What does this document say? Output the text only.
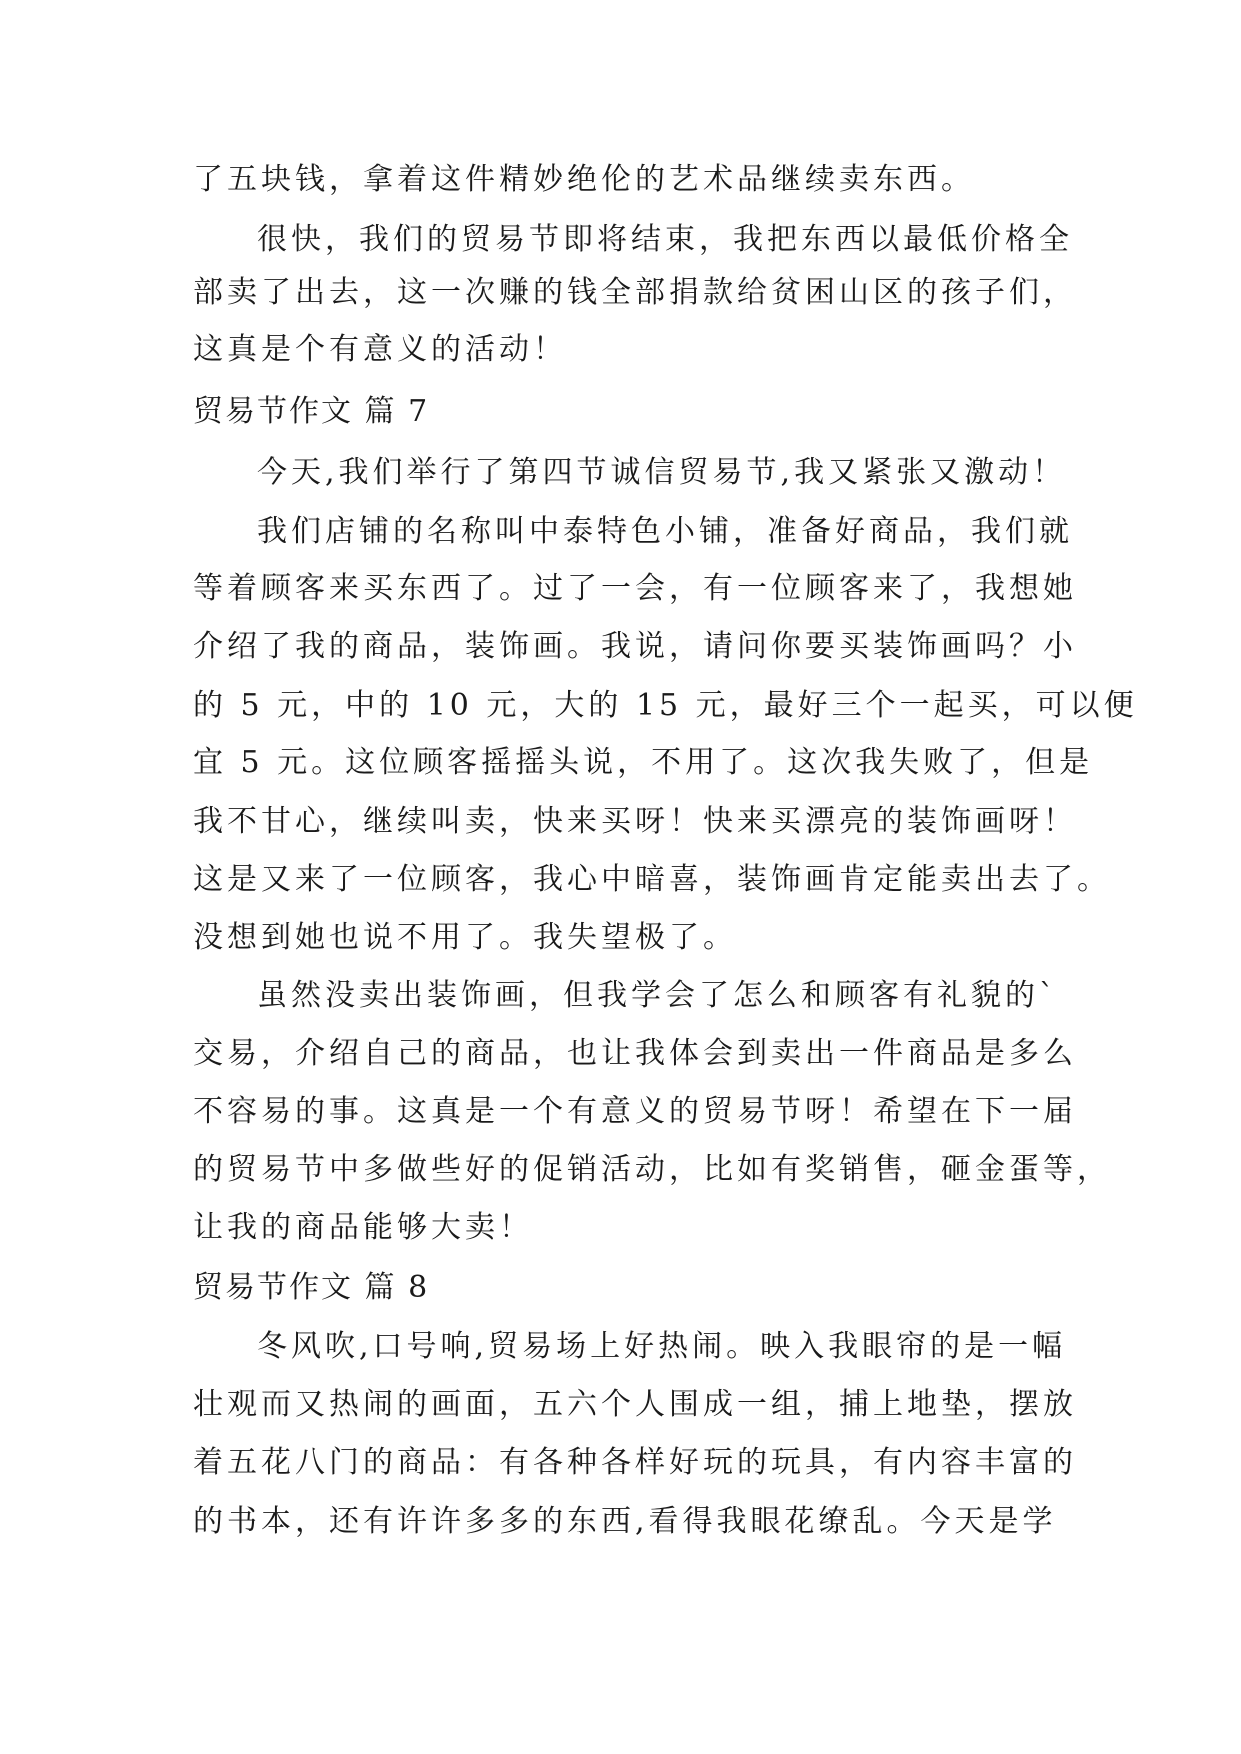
了五块钱，拿着这件精妙绝伦的艺术品继续卖东西。
很快，我们的贸易节即将结束，我把东西以最低价格全
部卖了出去，这一次赚的钱全部捐款给贫困山区的孩子们，
这真是个有意义的活动！
贸易节作文 篇 7
今天,我们举行了第四节诚信贸易节,我又紧张又激动！
我们店铺的名称叫中泰特色小铺，准备好商品，我们就
等着顾客来买东西了。过了一会，有一位顾客来了，我想她
介绍了我的商品，装饰画。我说，请问你要买装饰画吗？小
的 5 元，中的 10 元，大的 15 元，最好三个一起买，可以便
宜 5 元。这位顾客摇摇头说，不用了。这次我失败了，但是
我不甘心，继续叫卖，快来买呀！快来买漂亮的装饰画呀！
这是又来了一位顾客，我心中暗喜，装饰画肯定能卖出去了。
没想到她也说不用了。我失望极了。
虽然没卖出装饰画，但我学会了怎么和顾客有礼貌的`
交易，介绍自己的商品，也让我体会到卖出一件商品是多么
不容易的事。这真是一个有意义的贸易节呀！希望在下一届
的贸易节中多做些好的促销活动，比如有奖销售，砸金蛋等，
让我的商品能够大卖！
贸易节作文 篇 8
冬风吹,口号响,贸易场上好热闹。映入我眼帘的是一幅
壮观而又热闹的画面，五六个人围成一组，捕上地垫，摆放
着五花八门的商品：有各种各样好玩的玩具，有内容丰富的
的书本，还有许许多多的东西,看得我眼花缭乱。今天是学
